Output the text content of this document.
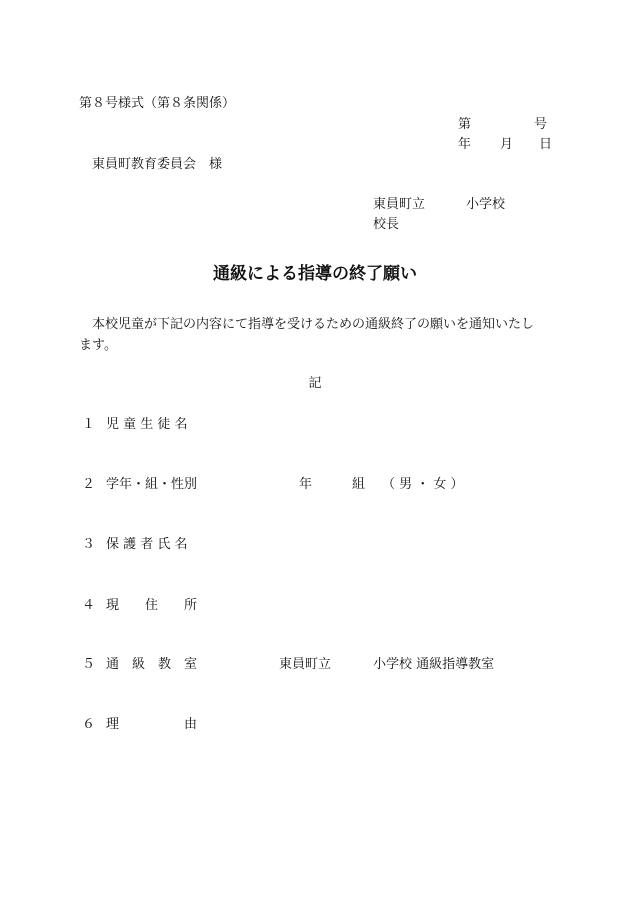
第８号様式（第８条関係）
第	号
年 月 日
東員町教育委員会　様
東員町立	小学校
校長
通級による指導の終了願い
本校児童が下記の内容にて指導を受けるための通級終了の願いを通知いたし
ます。
記
１ 児 童 生 徒 名
２ 学年・組・性別	年	組 （ 男 ・ 女 ）
３ 保 護 者 氏 名
４ 現　　住　　所
５ 通　級　教　室	東員町立	小学校 通級指導教室
６ 理　　　　　由
